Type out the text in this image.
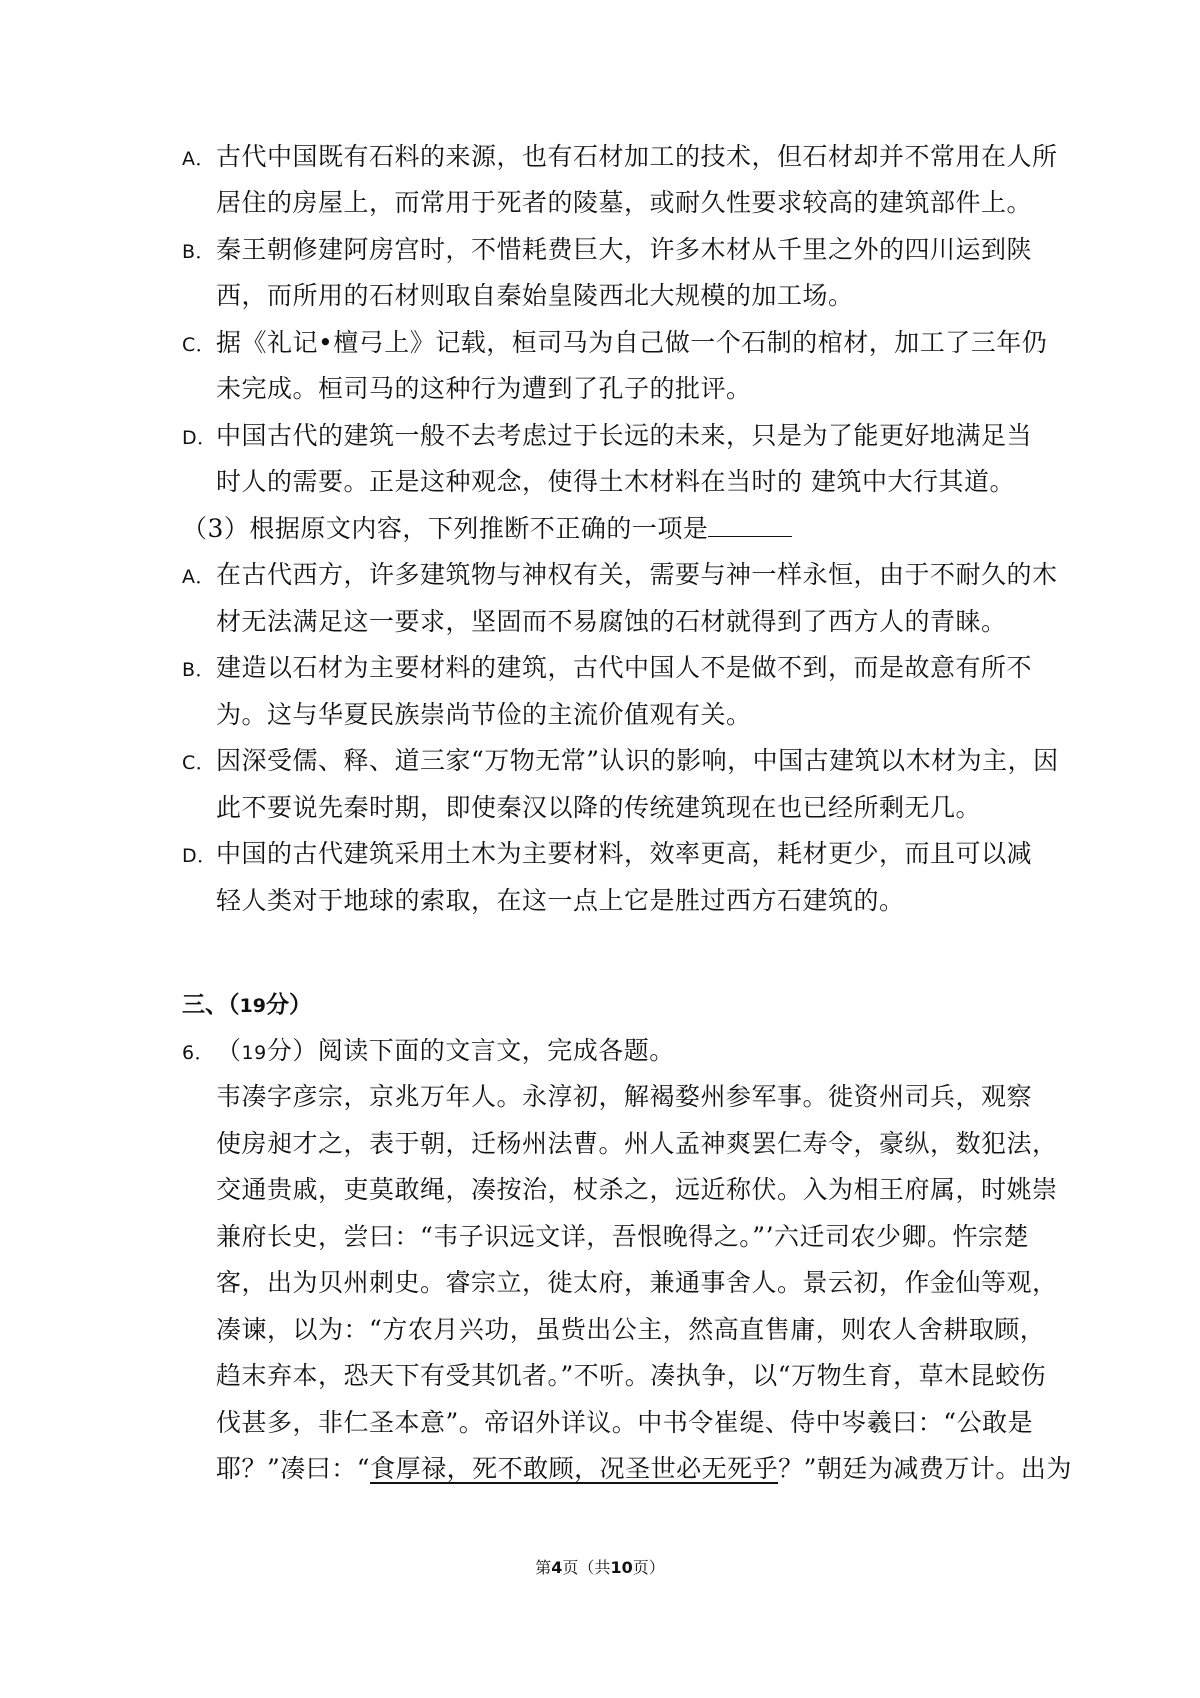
A．古代中国既有石料的来源，也有石材加工的技术，但石材却并不常用在人所
居住的房屋上，而常用于死者的陵墓，或耐久性要求较高的建筑部件上。
B．秦王朝修建阿房宫时，不惜耗费巨大，许多木材从千里之外的四川运到陕
西，而所用的石材则取自秦始皇陵西北大规模的加工场。
C．据《礼记•檀弓上》记载，桓司马为自己做一个石制的棺材，加工了三年仍
未完成。桓司马的这种行为遭到了孔子的批评。
D．中国古代的建筑一般不去考虑过于长远的未来，只是为了能更好地满足当
时人的需要。正是这种观念，使得土木材料在当时的 建筑中大行其道。
（3）根据原文内容，下列推断不正确的一项是
A．在古代西方，许多建筑物与神权有关，需要与神一样永恒，由于不耐久的木
材无法满足这一要求，坚固而不易腐蚀的石材就得到了西方人的青睐。
B．建造以石材为主要材料的建筑，古代中国人不是做不到，而是故意有所不
为。这与华夏民族崇尚节俭的主流价值观有关。
C．因深受儒、释、道三家“万物无常”认识的影响，中国古建筑以木材为主，因
此不要说先秦时期，即使秦汉以降的传统建筑现在也已经所剩无几。
D．中国的古代建筑采用土木为主要材料，效率更高，耗材更少，而且可以减
轻人类对于地球的索取，在这一点上它是胜过西方石建筑的。
三、（19分）
6．（19分）阅读下面的文言文，完成各题。
韦凑字彦宗，京兆万年人。永淳初，解褐婺州参军事。徙资州司兵，观察
使房昶才之，表于朝，迁杨州法曹。州人孟神爽罢仁寿令，豪纵，数犯法，
交通贵戚，吏莫敢绳，凑按治，杖杀之，远近称伏。入为相王府属，时姚崇
兼府长史，尝曰：“韦子识远文详，吾恨晚得之。”’六迁司农少卿。忤宗楚
客，出为贝州刺史。睿宗立，徙太府，兼通事舍人。景云初，作金仙等观，
凑谏，以为：“方农月兴功，虽赀出公主，然高直售庸，则农人舍耕取顾，
趋末弃本，恐天下有受其饥者。”不听。凑执争，以“万物生育，草木昆蛟伤
伐甚多，非仁圣本意”。帝诏外详议。中书令崔缇、侍中岑羲曰：“公敢是
耶？”凑曰：“食厚禄，死不敢顾，况圣世必无死乎？”朝廷为减费万计。出为
第4页（共10页）
